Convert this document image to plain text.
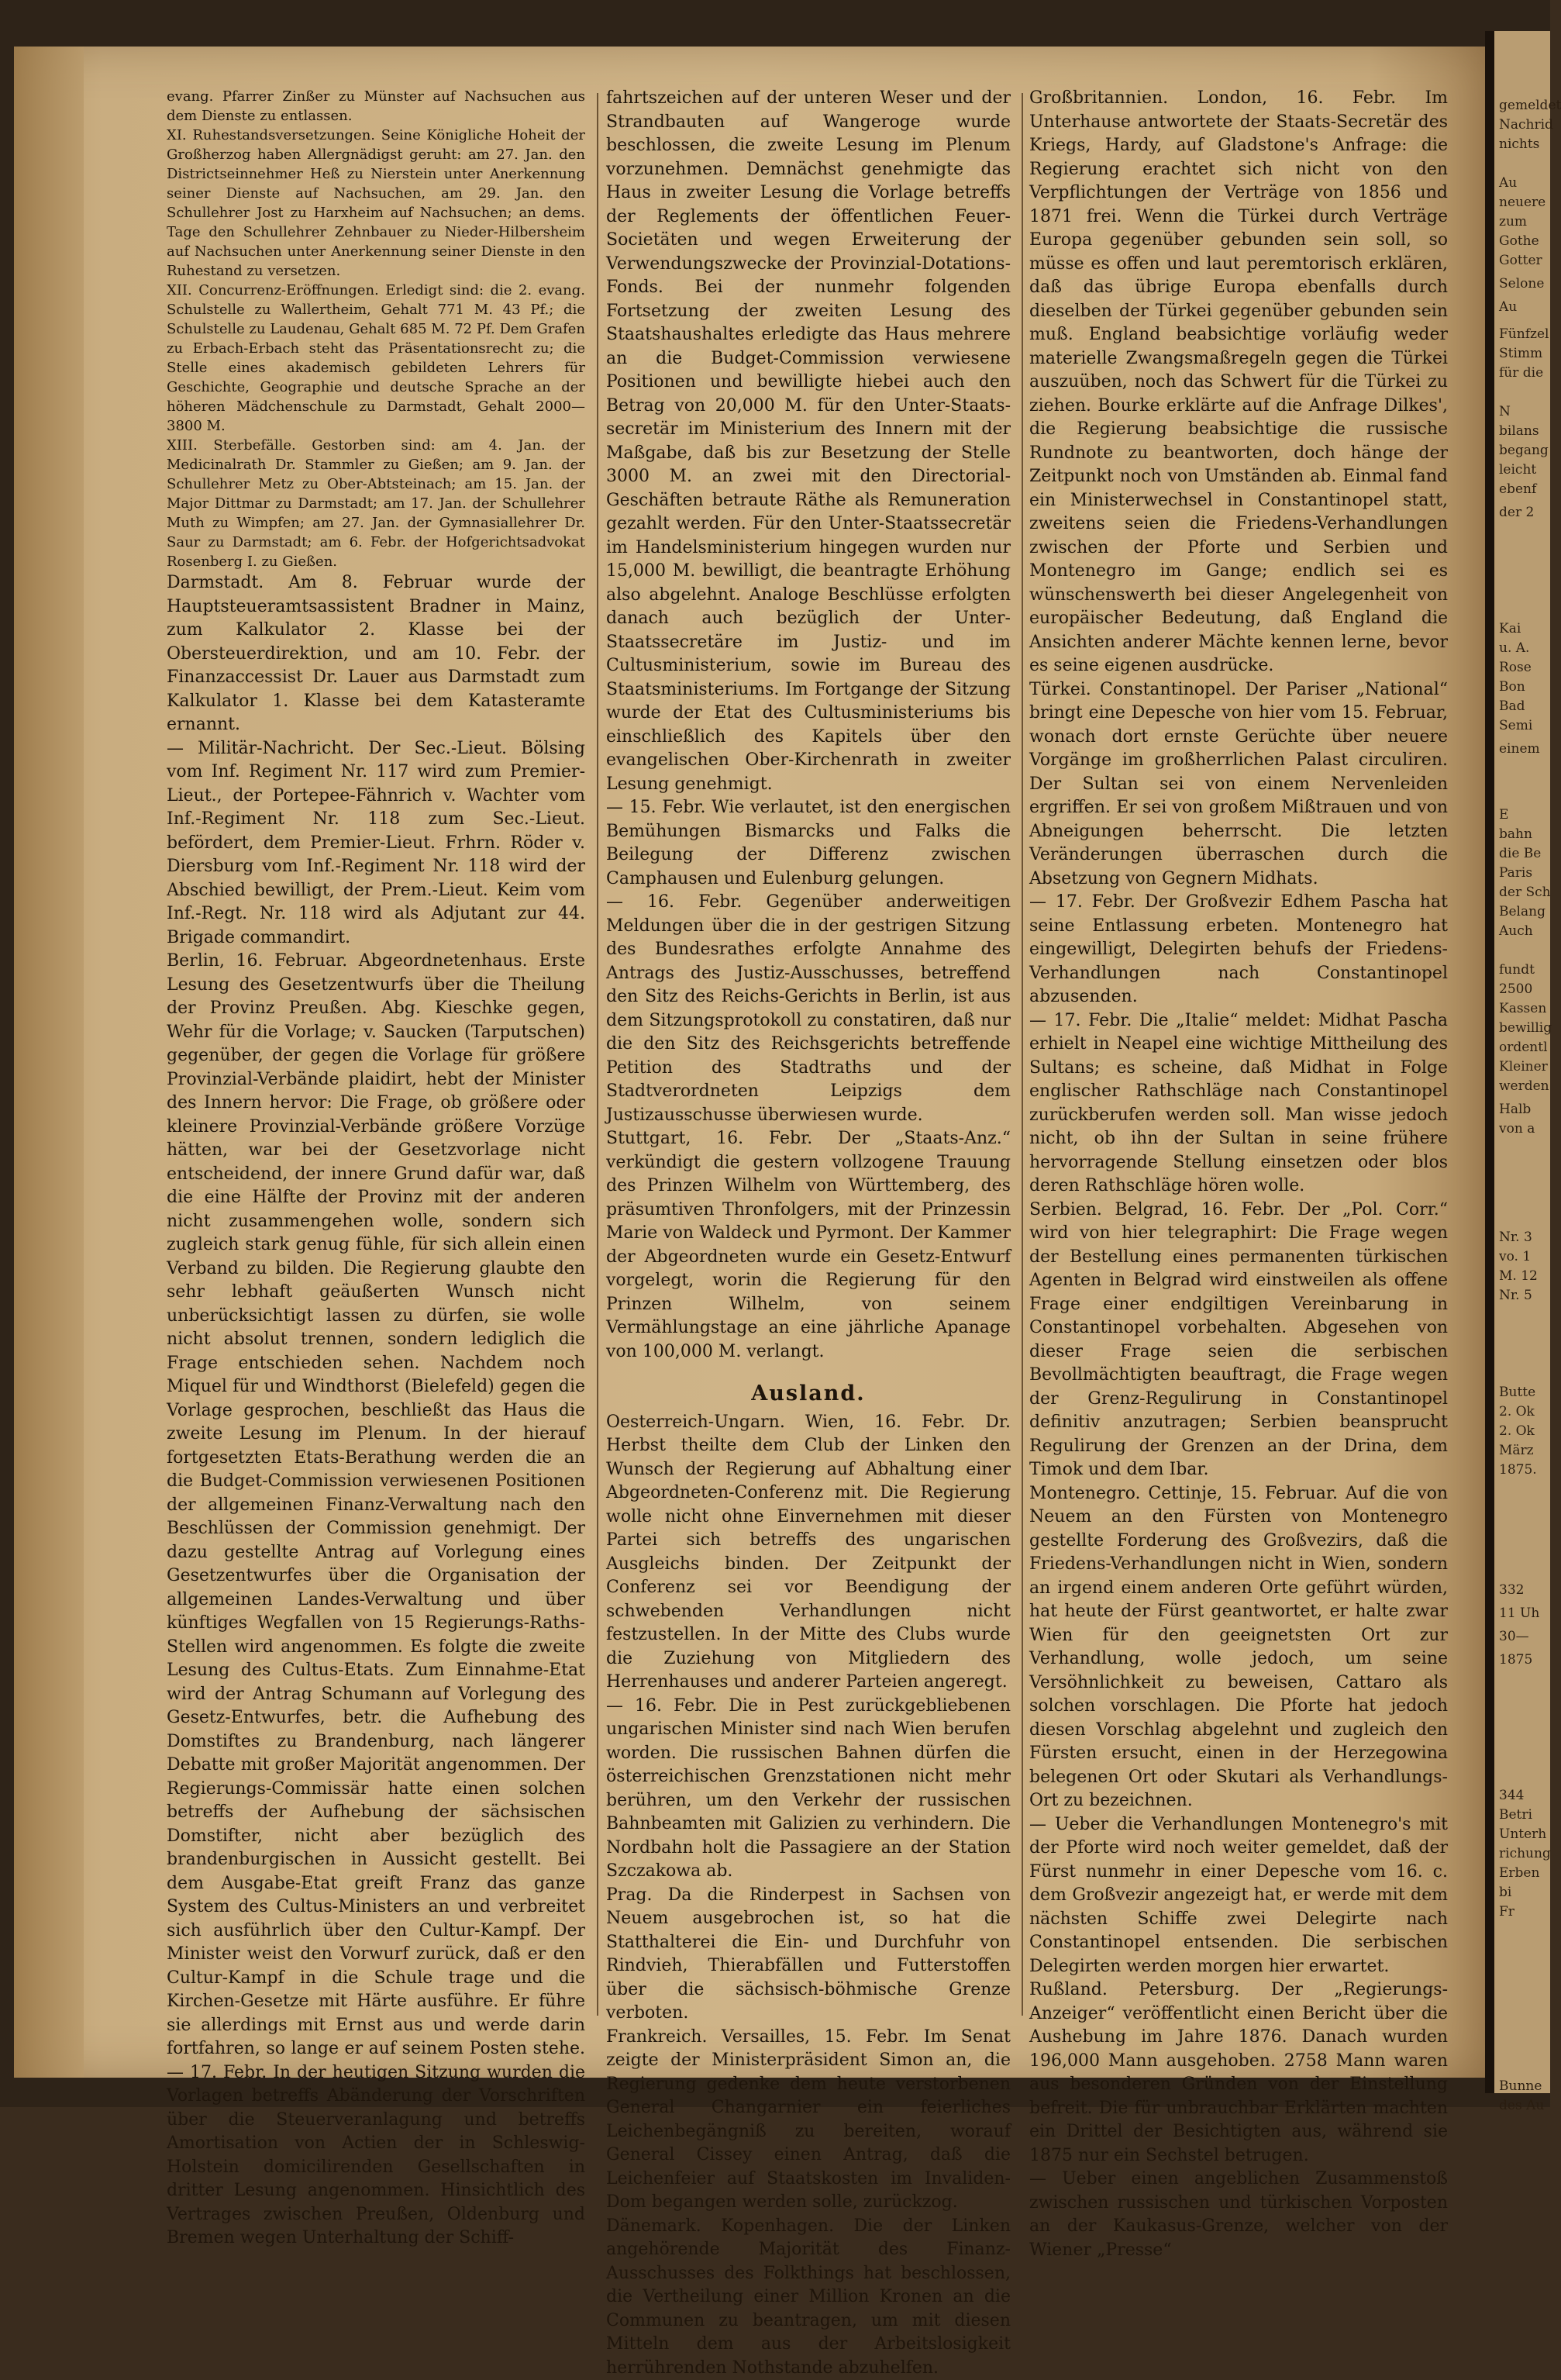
gemeldet
Nachrid
nichts
Au
neuere
zum
Gothe
Gotter
Selone
Au
Fünfzel
Stimm
für die
N
bilans
begang
leicht
ebenf
der 2
Kai
u. A.
Rose
Bon
Bad
Semi
einem
E
bahn
die Be
Paris
der Sch
Belang
Auch
fundt
2500
Kassen
bewillig
ordentl
Kleiner
werden
Halb
von a
Nr. 3
vo. 1
M. 12
Nr. 5
Butte
2. Ok
2. Ok
März
1875.
332
11 Uh
30—
1875
344
Betri
Unterh
richung
Erben
bi
Fr
Bunne
des Au

evang. Pfarrer Zinßer zu Münster auf Nachsuchen aus dem Dienste zu entlassen.

XI. Ruhestandsversetzungen. Seine Königliche Hoheit der Großherzog haben Allergnädigst geruht: am 27. Jan. den Districtseinnehmer Heß zu Nierstein unter Anerkennung seiner Dienste auf Nachsuchen, am 29. Jan. den Schullehrer Jost zu Harxheim auf Nachsuchen; an dems. Tage den Schullehrer Zehnbauer zu Nieder-Hilbersheim auf Nachsuchen unter Anerkennung seiner Dienste in den Ruhestand zu versetzen.

XII. Concurrenz-Eröffnungen. Erledigt sind: die 2. evang. Schulstelle zu Wallertheim, Gehalt 771 M. 43 Pf.; die Schulstelle zu Laudenau, Gehalt 685 M. 72 Pf. Dem Grafen zu Erbach-Erbach steht das Präsentationsrecht zu; die Stelle eines akademisch gebildeten Lehrers für Geschichte, Geographie und deutsche Sprache an der höheren Mädchenschule zu Darmstadt, Gehalt 2000—3800 M.

XIII. Sterbefälle. Gestorben sind: am 4. Jan. der Medicinalrath Dr. Stammler zu Gießen; am 9. Jan. der Schullehrer Metz zu Ober-Abtsteinach; am 15. Jan. der Major Dittmar zu Darmstadt; am 17. Jan. der Schullehrer Muth zu Wimpfen; am 27. Jan. der Gymnasiallehrer Dr. Saur zu Darmstadt; am 6. Febr. der Hofgerichtsadvokat Rosenberg I. zu Gießen.

Darmstadt. Am 8. Februar wurde der Hauptsteueramtsassistent Bradner in Mainz, zum Kalkulator 2. Klasse bei der Obersteuerdirektion, und am 10. Febr. der Finanzaccessist Dr. Lauer aus Darmstadt zum Kalkulator 1. Klasse bei dem Katasteramte ernannt.

— Militär-Nachricht. Der Sec.-Lieut. Bölsing vom Inf. Regiment Nr. 117 wird zum Premier-Lieut., der Portepee-Fähnrich v. Wachter vom Inf.-Regiment Nr. 118 zum Sec.-Lieut. befördert, dem Premier-Lieut. Frhrn. Röder v. Diersburg vom Inf.-Regiment Nr. 118 wird der Abschied bewilligt, der Prem.-Lieut. Keim vom Inf.-Regt. Nr. 118 wird als Adjutant zur 44. Brigade commandirt.

Berlin, 16. Februar. Abgeordnetenhaus. Erste Lesung des Gesetzentwurfs über die Theilung der Provinz Preußen. Abg. Kieschke gegen, Wehr für die Vorlage; v. Saucken (Tarputschen) gegenüber, der gegen die Vorlage für größere Provinzial-Verbände plaidirt, hebt der Minister des Innern hervor: Die Frage, ob größere oder kleinere Provinzial-Verbände größere Vorzüge hätten, war bei der Gesetzvorlage nicht entscheidend, der innere Grund dafür war, daß die eine Hälfte der Provinz mit der anderen nicht zusammengehen wolle, sondern sich zugleich stark genug fühle, für sich allein einen Verband zu bilden. Die Regierung glaubte den sehr lebhaft geäußerten Wunsch nicht unberücksichtigt lassen zu dürfen, sie wolle nicht absolut trennen, sondern lediglich die Frage entschieden sehen. Nachdem noch Miquel für und Windthorst (Bielefeld) gegen die Vorlage gesprochen, beschließt das Haus die zweite Lesung im Plenum. In der hierauf fortgesetzten Etats-Berathung werden die an die Budget-Commission verwiesenen Positionen der allgemeinen Finanz-Verwaltung nach den Beschlüssen der Commission genehmigt. Der dazu gestellte Antrag auf Vorlegung eines Gesetzentwurfes über die Organisation der allgemeinen Landes-Verwaltung und über künftiges Wegfallen von 15 Regierungs-Raths-Stellen wird angenommen. Es folgte die zweite Lesung des Cultus-Etats. Zum Einnahme-Etat wird der Antrag Schumann auf Vorlegung des Gesetz-Entwurfes, betr. die Aufhebung des Domstiftes zu Brandenburg, nach längerer Debatte mit großer Majorität angenommen. Der Regierungs-Commissär hatte einen solchen betreffs der Aufhebung der sächsischen Domstifter, nicht aber bezüglich des brandenburgischen in Aussicht gestellt. Bei dem Ausgabe-Etat greift Franz das ganze System des Cultus-Ministers an und verbreitet sich ausführlich über den Cultur-Kampf. Der Minister weist den Vorwurf zurück, daß er den Cultur-Kampf in die Schule trage und die Kirchen-Gesetze mit Härte ausführe. Er führe sie allerdings mit Ernst aus und werde darin fortfahren, so lange er auf seinem Posten stehe. — 17. Febr. In der heutigen Sitzung wurden die Vorlagen betreffs Abänderung der Vorschriften über die Steuerveranlagung und betreffs Amortisation von Actien der in Schleswig-Holstein domicilirenden Gesellschaften in dritter Lesung angenommen. Hinsichtlich des Vertrages zwischen Preußen, Oldenburg und Bremen wegen Unterhaltung der Schiff-

fahrtszeichen auf der unteren Weser und der Strandbauten auf Wangeroge wurde beschlossen, die zweite Lesung im Plenum vorzunehmen. Demnächst genehmigte das Haus in zweiter Lesung die Vorlage betreffs der Reglements der öffentlichen Feuer-Societäten und wegen Erweiterung der Verwendungszwecke der Provinzial-Dotations-Fonds. Bei der nunmehr folgenden Fortsetzung der zweiten Lesung des Staatshaushaltes erledigte das Haus mehrere an die Budget-Commission verwiesene Positionen und bewilligte hiebei auch den Betrag von 20,000 M. für den Unter-Staats-secretär im Ministerium des Innern mit der Maßgabe, daß bis zur Besetzung der Stelle 3000 M. an zwei mit den Directorial-Geschäften betraute Räthe als Remuneration gezahlt werden. Für den Unter-Staatssecretär im Handelsministerium hingegen wurden nur 15,000 M. bewilligt, die beantragte Erhöhung also abgelehnt. Analoge Beschlüsse erfolgten danach auch bezüglich der Unter-Staatssecretäre im Justiz- und im Cultusministerium, sowie im Bureau des Staatsministeriums. Im Fortgange der Sitzung wurde der Etat des Cultusministeriums bis einschließlich des Kapitels über den evangelischen Ober-Kirchenrath in zweiter Lesung genehmigt.

— 15. Febr. Wie verlautet, ist den energischen Bemühungen Bismarcks und Falks die Beilegung der Differenz zwischen Camphausen und Eulenburg gelungen.

— 16. Febr. Gegenüber anderweitigen Meldungen über die in der gestrigen Sitzung des Bundesrathes erfolgte Annahme des Antrags des Justiz-Ausschusses, betreffend den Sitz des Reichs-Gerichts in Berlin, ist aus dem Sitzungsprotokoll zu constatiren, daß nur die den Sitz des Reichsgerichts betreffende Petition des Stadtraths und der Stadtverordneten Leipzigs dem Justizausschusse überwiesen wurde.

Stuttgart, 16. Febr. Der „Staats-Anz.“ verkündigt die gestern vollzogene Trauung des Prinzen Wilhelm von Württemberg, des präsumtiven Thronfolgers, mit der Prinzessin Marie von Waldeck und Pyrmont. Der Kammer der Abgeordneten wurde ein Gesetz-Entwurf vorgelegt, worin die Regierung für den Prinzen Wilhelm, von seinem Vermählungstage an eine jährliche Apanage von 100,000 M. verlangt.

Ausland.

Oesterreich-Ungarn. Wien, 16. Febr. Dr. Herbst theilte dem Club der Linken den Wunsch der Regierung auf Abhaltung einer Abgeordneten-Conferenz mit. Die Regierung wolle nicht ohne Einvernehmen mit dieser Partei sich betreffs des ungarischen Ausgleichs binden. Der Zeitpunkt der Conferenz sei vor Beendigung der schwebenden Verhandlungen nicht festzustellen. In der Mitte des Clubs wurde die Zuziehung von Mitgliedern des Herrenhauses und anderer Parteien angeregt.

— 16. Febr. Die in Pest zurückgebliebenen ungarischen Minister sind nach Wien berufen worden. Die russischen Bahnen dürfen die österreichischen Grenzstationen nicht mehr berühren, um den Verkehr der russischen Bahnbeamten mit Galizien zu verhindern. Die Nordbahn holt die Passagiere an der Station Szczakowa ab.

Prag. Da die Rinderpest in Sachsen von Neuem ausgebrochen ist, so hat die Statthalterei die Ein- und Durchfuhr von Rindvieh, Thierabfällen und Futterstoffen über die sächsisch-böhmische Grenze verboten.

Frankreich. Versailles, 15. Febr. Im Senat zeigte der Ministerpräsident Simon an, die Regierung gedenke dem heute verstorbenen General Changarnier ein feierliches Leichenbegängniß zu bereiten, worauf General Cissey einen Antrag, daß die Leichenfeier auf Staatskosten im Invaliden-Dom begangen werden solle, zurückzog.

Dänemark. Kopenhagen. Die der Linken angehörende Majorität des Finanz-Ausschusses des Folkthings hat beschlossen, die Vertheilung einer Million Kronen an die Communen zu beantragen, um mit diesen Mitteln dem aus der Arbeitslosigkeit herrührenden Nothstande abzuhelfen.

Großbritannien. London, 16. Febr. Im Unterhause antwortete der Staats-Secretär des Kriegs, Hardy, auf Gladstone's Anfrage: die Regierung erachtet sich nicht von den Verpflichtungen der Verträge von 1856 und 1871 frei. Wenn die Türkei durch Verträge Europa gegenüber gebunden sein soll, so müsse es offen und laut peremtorisch erklären, daß das übrige Europa ebenfalls durch dieselben der Türkei gegenüber gebunden sein muß. England beabsichtige vorläufig weder materielle Zwangsmaßregeln gegen die Türkei auszuüben, noch das Schwert für die Türkei zu ziehen. Bourke erklärte auf die Anfrage Dilkes', die Regierung beabsichtige die russische Rundnote zu beantworten, doch hänge der Zeitpunkt noch von Umständen ab. Einmal fand ein Ministerwechsel in Constantinopel statt, zweitens seien die Friedens-Verhandlungen zwischen der Pforte und Serbien und Montenegro im Gange; endlich sei es wünschenswerth bei dieser Angelegenheit von europäischer Bedeutung, daß England die Ansichten anderer Mächte kennen lerne, bevor es seine eigenen ausdrücke.

Türkei. Constantinopel. Der Pariser „National“ bringt eine Depesche von hier vom 15. Februar, wonach dort ernste Gerüchte über neuere Vorgänge im großherrlichen Palast circuliren. Der Sultan sei von einem Nervenleiden ergriffen. Er sei von großem Mißtrauen und von Abneigungen beherrscht. Die letzten Veränderungen überraschen durch die Absetzung von Gegnern Midhats.

— 17. Febr. Der Großvezir Edhem Pascha hat seine Entlassung erbeten. Montenegro hat eingewilligt, Delegirten behufs der Friedens-Verhandlungen nach Constantinopel abzusenden.

— 17. Febr. Die „Italie“ meldet: Midhat Pascha erhielt in Neapel eine wichtige Mittheilung des Sultans; es scheine, daß Midhat in Folge englischer Rathschläge nach Constantinopel zurückberufen werden soll. Man wisse jedoch nicht, ob ihn der Sultan in seine frühere hervorragende Stellung einsetzen oder blos deren Rathschläge hören wolle.

Serbien. Belgrad, 16. Febr. Der „Pol. Corr.“ wird von hier telegraphirt: Die Frage wegen der Bestellung eines permanenten türkischen Agenten in Belgrad wird einstweilen als offene Frage einer endgiltigen Vereinbarung in Constantinopel vorbehalten. Abgesehen von dieser Frage seien die serbischen Bevollmächtigten beauftragt, die Frage wegen der Grenz-Regulirung in Constantinopel definitiv anzutragen; Serbien beansprucht Regulirung der Grenzen an der Drina, dem Timok und dem Ibar.

Montenegro. Cettinje, 15. Februar. Auf die von Neuem an den Fürsten von Montenegro gestellte Forderung des Großvezirs, daß die Friedens-Verhandlungen nicht in Wien, sondern an irgend einem anderen Orte geführt würden, hat heute der Fürst geantwortet, er halte zwar Wien für den geeignetsten Ort zur Verhandlung, wolle jedoch, um seine Versöhnlichkeit zu beweisen, Cattaro als solchen vorschlagen. Die Pforte hat jedoch diesen Vorschlag abgelehnt und zugleich den Fürsten ersucht, einen in der Herzegowina belegenen Ort oder Skutari als Verhandlungs-Ort zu bezeichnen.

— Ueber die Verhandlungen Montenegro's mit der Pforte wird noch weiter gemeldet, daß der Fürst nunmehr in einer Depesche vom 16. c. dem Großvezir angezeigt hat, er werde mit dem nächsten Schiffe zwei Delegirte nach Constantinopel entsenden. Die serbischen Delegirten werden morgen hier erwartet.

Rußland. Petersburg. Der „Regierungs-Anzeiger“ veröffentlicht einen Bericht über die Aushebung im Jahre 1876. Danach wurden 196,000 Mann ausgehoben. 2758 Mann waren aus besonderen Gründen von der Einstellung befreit. Die für unbrauchbar Erklärten machten ein Drittel der Besichtigten aus, während sie 1875 nur ein Sechstel betrugen.

— Ueber einen angeblichen Zusammenstoß zwischen russischen und türkischen Vorposten an der Kaukasus-Grenze, welcher von der Wiener „Presse“
